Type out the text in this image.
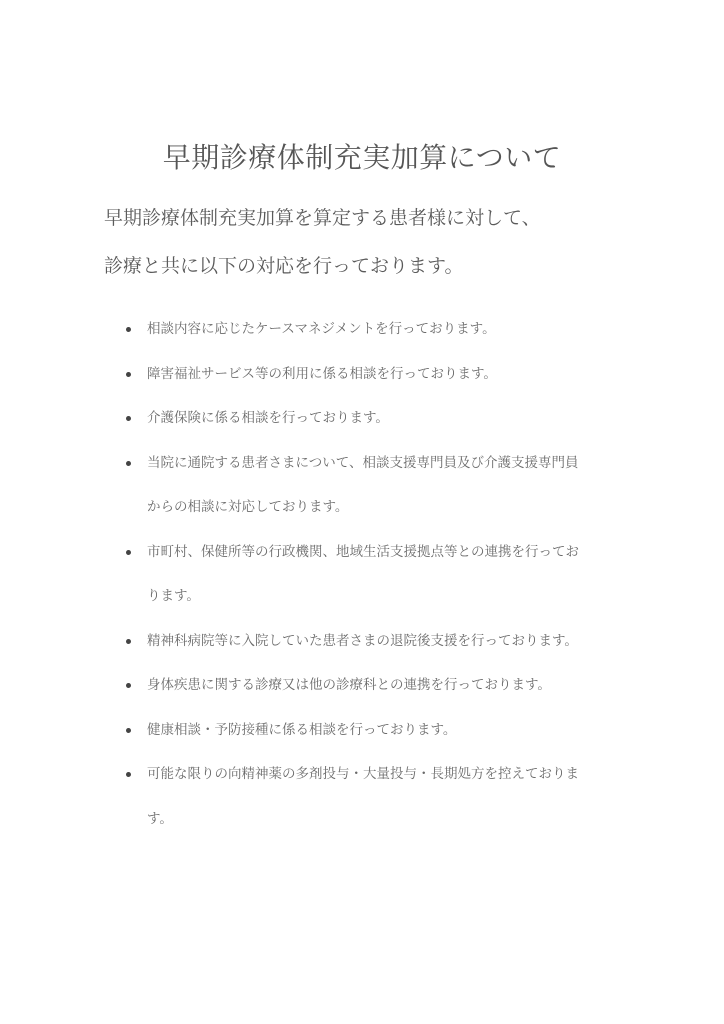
早期診療体制充実加算について
早期診療体制充実加算を算定する患者様に対して、
診療と共に以下の対応を行っております。
相談内容に応じたケースマネジメントを行っております。
障害福祉サービス等の利用に係る相談を行っております。
介護保険に係る相談を行っております。
当院に通院する患者さまについて、相談支援専門員及び介護支援専門員
からの相談に対応しております。
市町村、保健所等の行政機関、地域生活支援拠点等との連携を行ってお
ります。
精神科病院等に入院していた患者さまの退院後支援を行っております。
身体疾患に関する診療又は他の診療科との連携を行っております。
健康相談・予防接種に係る相談を行っております。
可能な限りの向精神薬の多剤投与・大量投与・長期処方を控えておりま
す。
